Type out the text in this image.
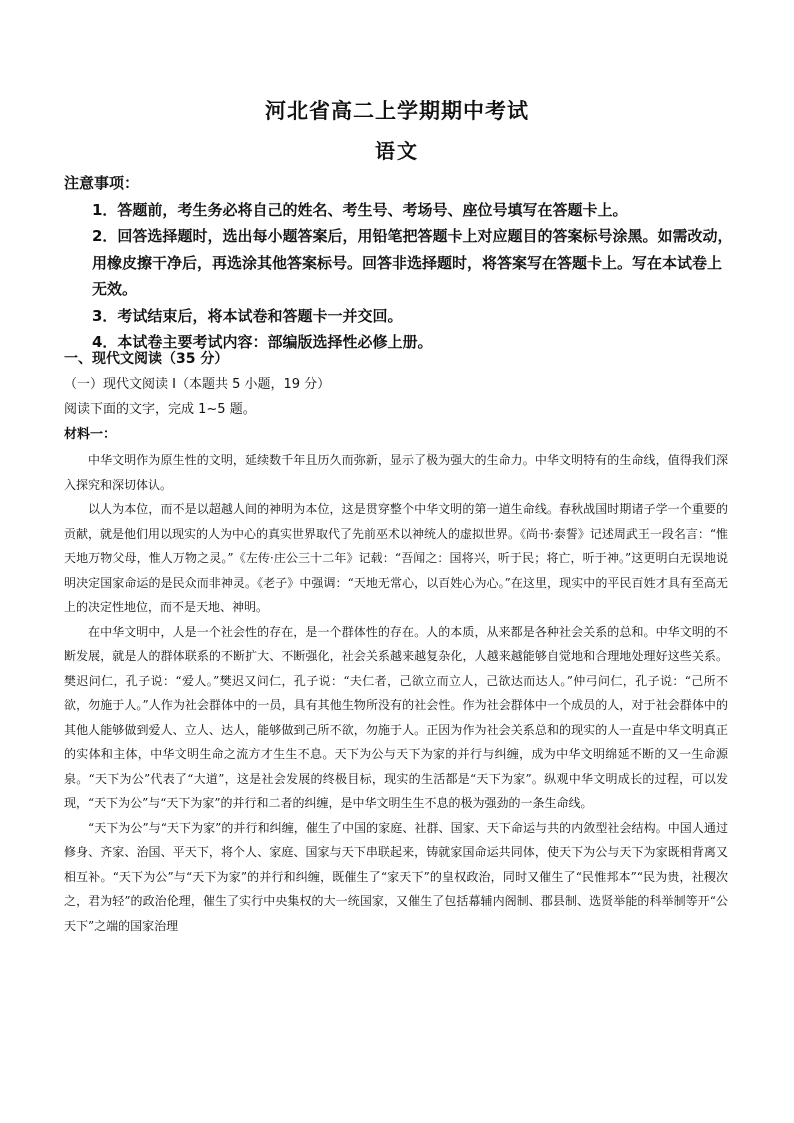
河北省高二上学期期中考试
语文

注意事项：

1．答题前，考生务必将自己的姓名、考生号、考场号、座位号填写在答题卡上。

2．回答选择题时，选出每小题答案后，用铅笔把答题卡上对应题目的答案标号涂黑。如需改动，用橡皮擦干净后，再选涂其他答案标号。回答非选择题时，将答案写在答题卡上。写在本试卷上无效。

3．考试结束后，将本试卷和答题卡一并交回。

4．本试卷主要考试内容：部编版选择性必修上册。

一、现代文阅读（35 分）
（一）现代文阅读 I（本题共 5 小题，19 分）
阅读下面的文字，完成 1~5 题。
材料一：

中华文明作为原生性的文明，延续数千年且历久而弥新，显示了极为强大的生命力。中华文明特有的生命线，值得我们深入探究和深切体认。

以人为本位，而不是以超越人间的神明为本位，这是贯穿整个中华文明的第一道生命线。春秋战国时期诸子学一个重要的贡献，就是他们用以现实的人为中心的真实世界取代了先前巫术以神统人的虚拟世界。《尚书·泰誓》记述周武王一段名言：“惟天地万物父母，惟人万物之灵。”《左传·庄公三十二年》记载：“吾闻之：国将兴，听于民；将亡，听于神。”这更明白无误地说明决定国家命运的是民众而非神灵。《老子》中强调：“天地无常心，以百姓心为心。”在这里，现实中的平民百姓才具有至高无上的决定性地位，而不是天地、神明。

在中华文明中，人是一个社会性的存在，是一个群体性的存在。人的本质，从来都是各种社会关系的总和。中华文明的不断发展，就是人的群体联系的不断扩大、不断强化，社会关系越来越复杂化，人越来越能够自觉地和合理地处理好这些关系。樊迟问仁，孔子说：“爱人。”樊迟又问仁，孔子说：“夫仁者，己欲立而立人，己欲达而达人。”仲弓问仁，孔子说：“己所不欲，勿施于人。”人作为社会群体中的一员，具有其他生物所没有的社会性。作为社会群体中一个成员的人，对于社会群体中的其他人能够做到爱人、立人、达人，能够做到己所不欲，勿施于人。正因为作为社会关系总和的现实的人一直是中华文明真正的实体和主体，中华文明生命之流方才生生不息。天下为公与天下为家的并行与纠缠，成为中华文明绵延不断的又一生命源泉。“天下为公”代表了“大道”，这是社会发展的终极目标，现实的生活都是“天下为家”。纵观中华文明成长的过程，可以发现，“天下为公”与“天下为家”的并行和二者的纠缠，是中华文明生生不息的极为强劲的一条生命线。

“天下为公”与“天下为家”的并行和纠缠，催生了中国的家庭、社群、国家、天下命运与共的内敛型社会结构。中国人通过修身、齐家、治国、平天下，将个人、家庭、国家与天下串联起来，铸就家国命运共同体，使天下为公与天下为家既相背离又相互补。“天下为公”与“天下为家”的并行和纠缠，既催生了“家天下”的皇权政治，同时又催生了“民惟邦本”“民为贵，社稷次之，君为轻”的政治伦理，催生了实行中央集权的大一统国家，又催生了包括幕辅内阁制、郡县制、选贤举能的科举制等开“公天下”之端的国家治理
